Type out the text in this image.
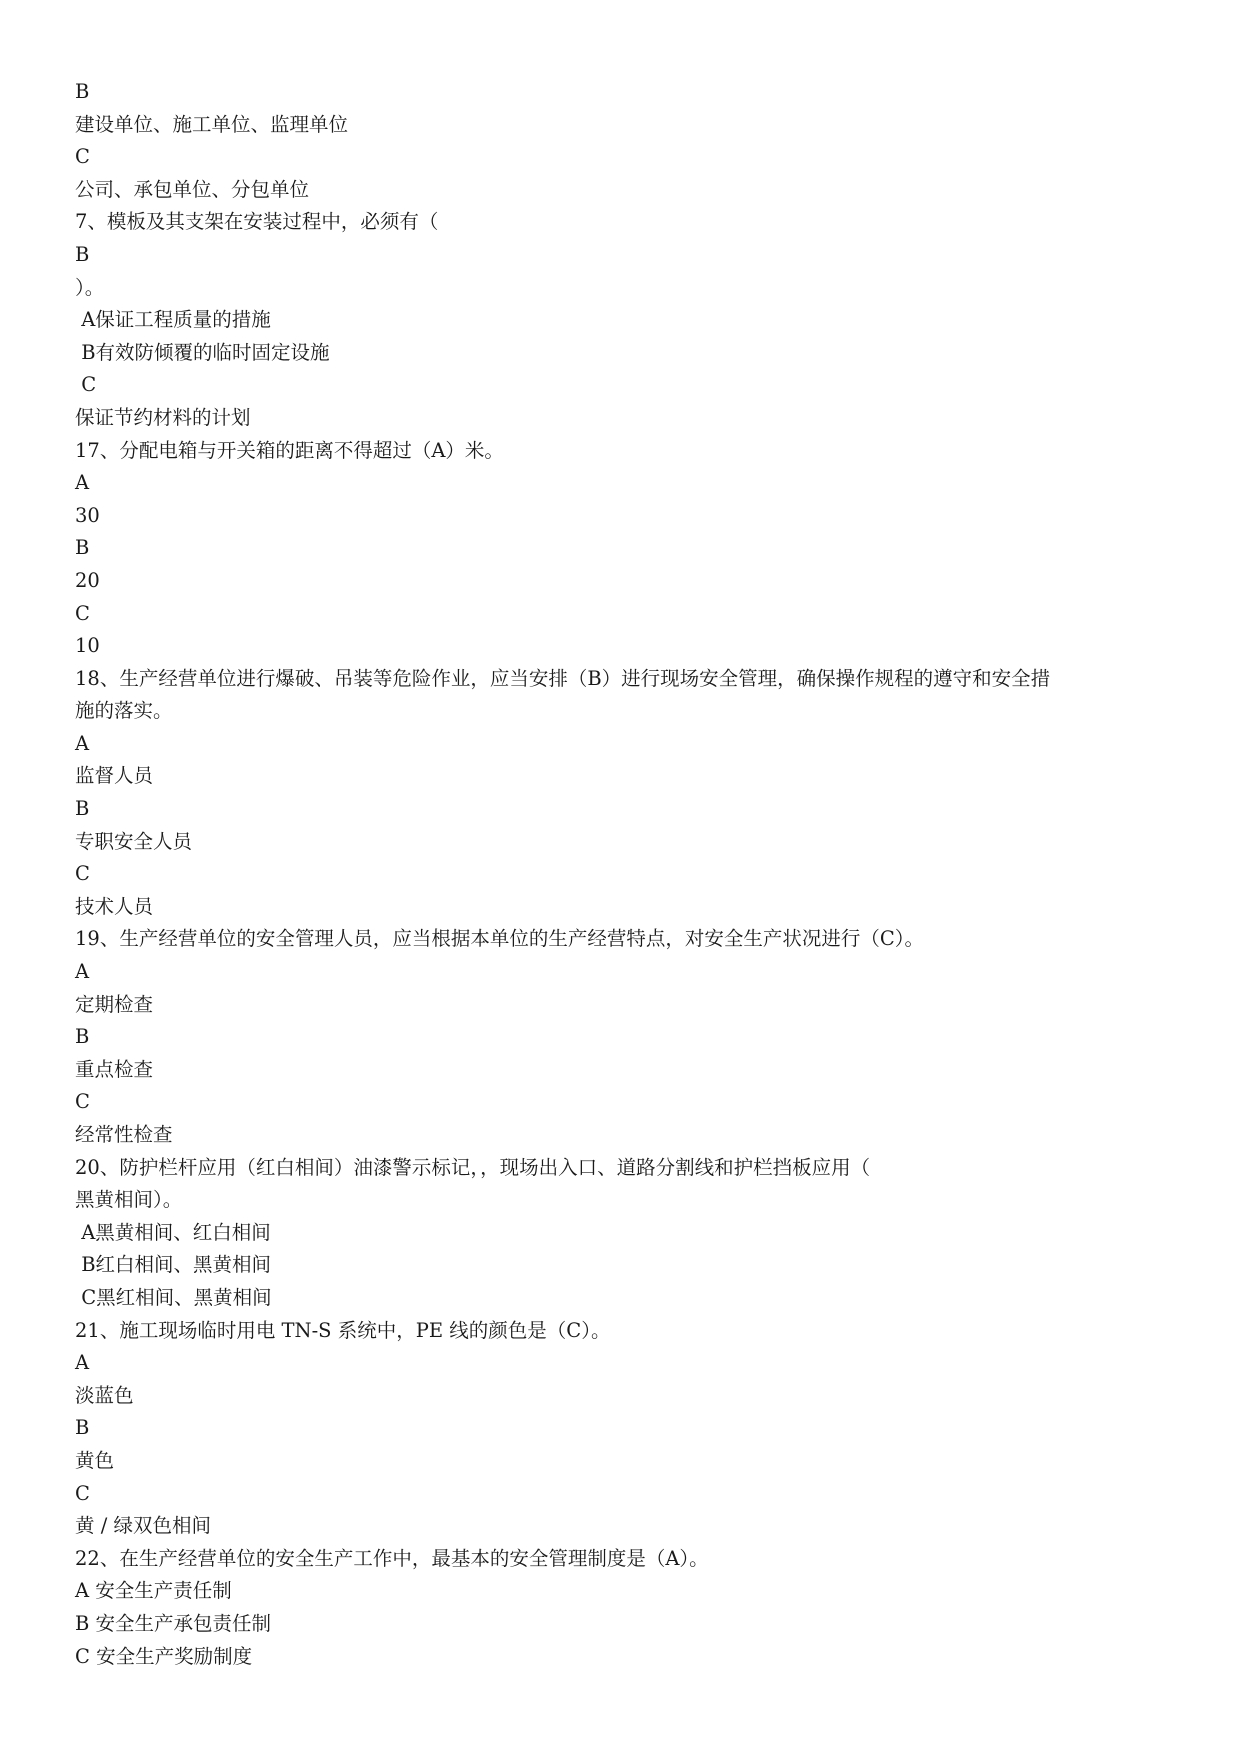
B
建设单位、施工单位、监理单位
C
公司、承包单位、分包单位
7、模板及其支架在安装过程中，必须有（
B
）。
A保证工程质量的措施
B有效防倾覆的临时固定设施
C
保证节约材料的计划
17、分配电箱与开关箱的距离不得超过（A）米。
A
30
B
20
C
10
18、生产经营单位进行爆破、吊装等危险作业，应当安排（B）进行现场安全管理，确保操作规程的遵守和安全措
施的落实。
A
监督人员
B
专职安全人员
C
技术人员
19、生产经营单位的安全管理人员，应当根据本单位的生产经营特点，对安全生产状况进行（C）。
A
定期检查
B
重点检查
C
经常性检查
20、防护栏杆应用（红白相间）油漆警示标记，，现场出入口、道路分割线和护栏挡板应用（
黑黄相间）。
A黑黄相间、红白相间
B红白相间、黑黄相间
C黑红相间、黑黄相间
21、施工现场临时用电 TN-S 系统中，PE 线的颜色是（C）。
A
淡蓝色
B
黄色
C
黄 / 绿双色相间
22、在生产经营单位的安全生产工作中，最基本的安全管理制度是（A）。
A 安全生产责任制
B 安全生产承包责任制
C 安全生产奖励制度
